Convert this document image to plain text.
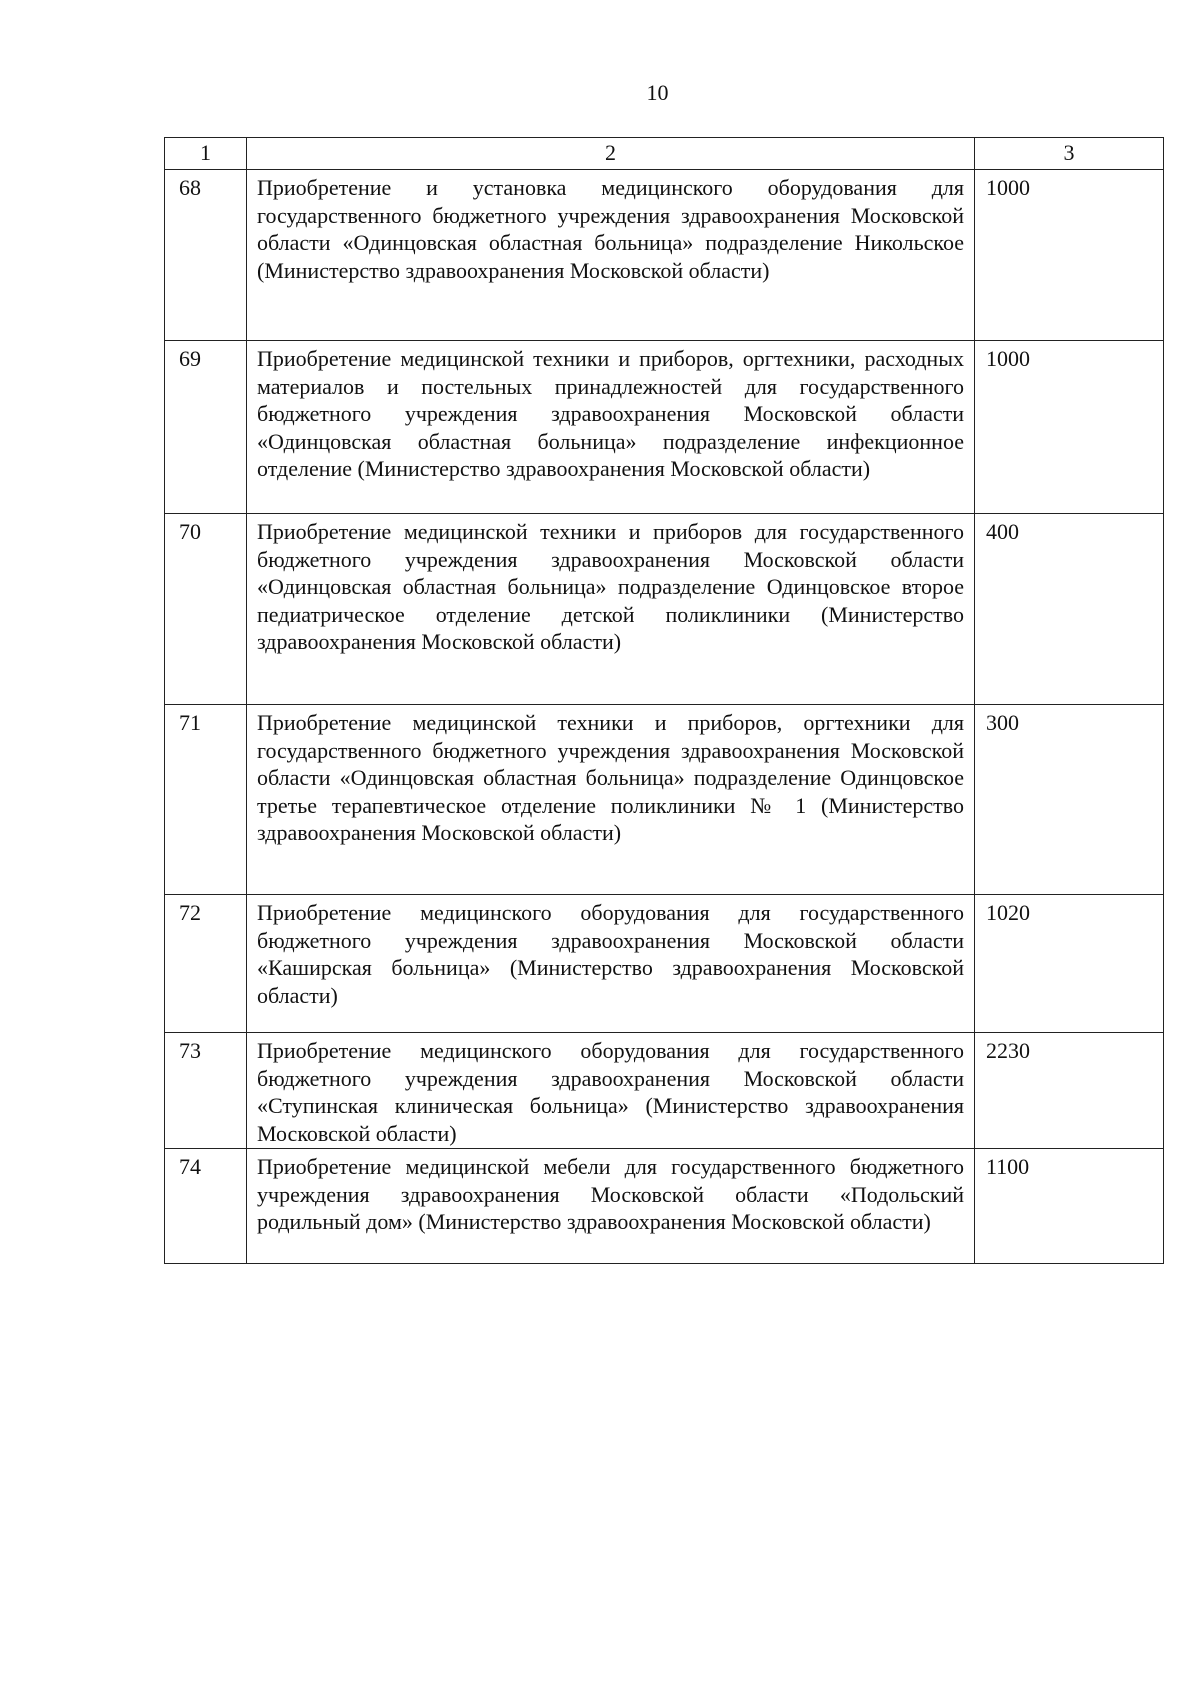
10
1	2	3
68	Приобретение и установка медицинского оборудования для государственного бюджетного учреждения здравоохранения Московской области «Одинцовская областная больница» подразделение Никольское (Министерство здравоохранения Московской области)	1000
69	Приобретение медицинской техники и приборов, оргтехники, расходных материалов и постельных принадлежностей для государственного бюджетного учреждения здравоохранения Московской области «Одинцовская областная больница» подразделение инфекционное отделение (Министерство здравоохранения Московской области)	1000
70	Приобретение медицинской техники и приборов для государственного бюджетного учреждения здравоохранения Московской области «Одинцовская областная больница» подразделение Одинцовское второе педиатрическое отделение детской поликлиники (Министерство здравоохранения Московской области)	400
71	Приобретение медицинской техники и приборов, оргтехники для государственного бюджетного учреждения здравоохранения Московской области «Одинцовская областная больница» подразделение Одинцовское третье терапевтическое отделение поликлиники № 1 (Министерство здравоохранения Московской области)	300
72	Приобретение медицинского оборудования для государственного бюджетного учреждения здравоохранения Московской области «Каширская больница» (Министерство здравоохранения Московской области)	1020
73	Приобретение медицинского оборудования для государственного бюджетного учреждения здравоохранения Московской области «Ступинская клиническая больница» (Министерство здравоохранения Московской области)	2230
74	Приобретение медицинской мебели для государственного бюджетного учреждения здравоохранения Московской области «Подольский родильный дом» (Министерство здравоохранения Московской области)	1100
